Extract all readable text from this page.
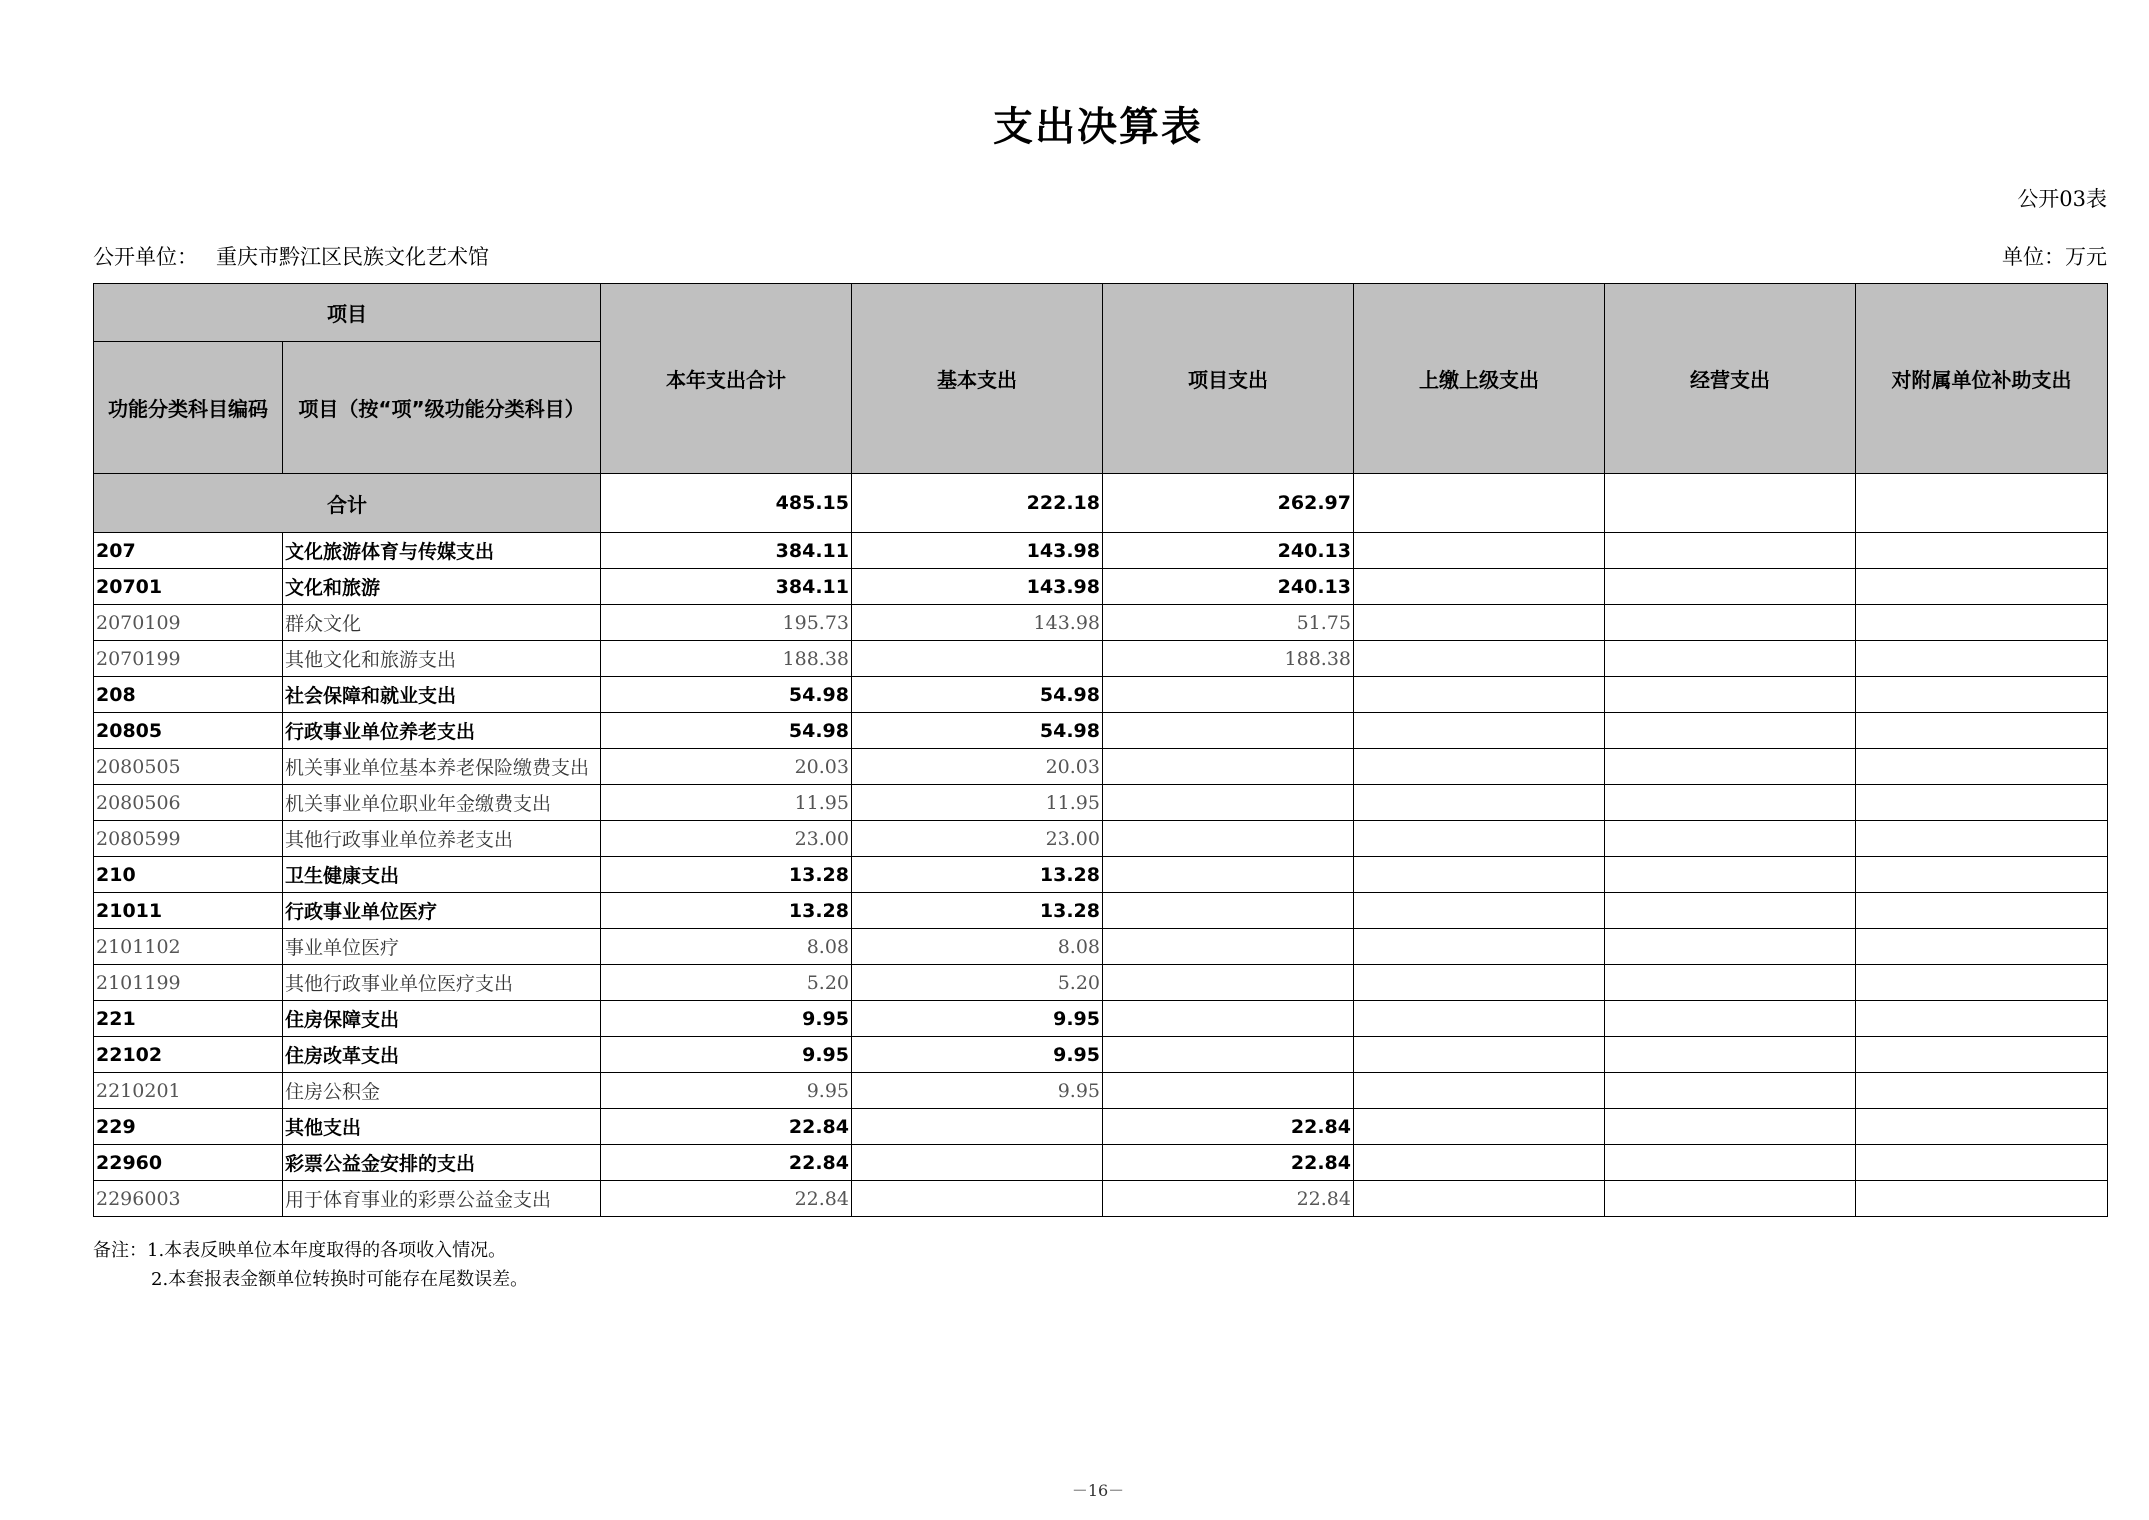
支出决算表
公开03表
公开单位： 重庆市黔江区民族文化艺术馆	单位：万元
项目		本年支出合计	基本支出	项目支出	上缴上级支出	经营支出	对附属单位补助支出
功能分类科目编码	项目（按“项”级功能分类科目）						
合计		485.15	222.18	262.97			
207	文化旅游体育与传媒支出	384.11	143.98	240.13			
20701	文化和旅游	384.11	143.98	240.13			
2070109	群众文化	195.73	143.98	51.75			
2070199	其他文化和旅游支出	188.38		188.38			
208	社会保障和就业支出	54.98	54.98				
20805	行政事业单位养老支出	54.98	54.98				
2080505	机关事业单位基本养老保险缴费支出	20.03	20.03				
2080506	机关事业单位职业年金缴费支出	11.95	11.95				
2080599	其他行政事业单位养老支出	23.00	23.00				
210	卫生健康支出	13.28	13.28				
21011	行政事业单位医疗	13.28	13.28				
2101102	事业单位医疗	8.08	8.08				
2101199	其他行政事业单位医疗支出	5.20	5.20				
221	住房保障支出	9.95	9.95				
22102	住房改革支出	9.95	9.95				
2210201	住房公积金	9.95	9.95				
229	其他支出	22.84		22.84			
22960	彩票公益金安排的支出	22.84		22.84			
2296003	用于体育事业的彩票公益金支出	22.84		22.84			
备注：1.本表反映单位本年度取得的各项收入情况。
2.本套报表金额单位转换时可能存在尾数误差。
－16－
